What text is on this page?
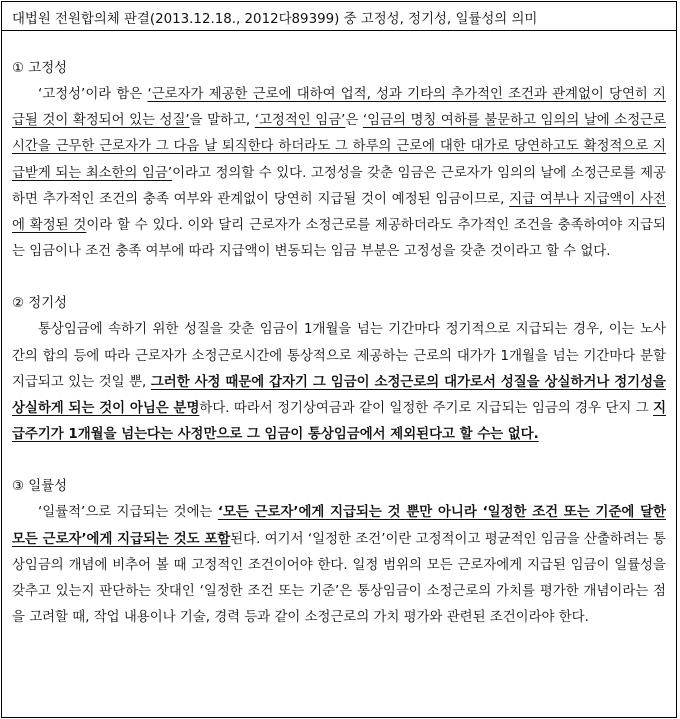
대법원 전원합의체 판결(2013.12.18., 2012다89399) 중 고정성, 정기성, 일률성의 의미
① 고정성
‘고정성’이라 함은 ‘근로자가 제공한 근로에 대하여 업적, 성과 기타의 추가적인 조건과 관계없이 당연히 지급될 것이 확정되어 있는 성질’을 말하고, ‘고정적인 임금’은 ‘임금의 명칭 여하를 불문하고 임의의 날에 소정근로시간을 근무한 근로자가 그 다음 날 퇴직한다 하더라도 그 하루의 근로에 대한 대가로 당연하고도 확정적으로 지급받게 되는 최소한의 임금’이라고 정의할 수 있다. 고정성을 갖춘 임금은 근로자가 임의의 날에 소정근로를 제공하면 추가적인 조건의 충족 여부와 관계없이 당연히 지급될 것이 예정된 임금이므로, 지급 여부나 지급액이 사전에 확정된 것이라 할 수 있다. 이와 달리 근로자가 소정근로를 제공하더라도 추가적인 조건을 충족하여야 지급되는 임금이나 조건 충족 여부에 따라 지급액이 변동되는 임금 부분은 고정성을 갖춘 것이라고 할 수 없다.
② 정기성
통상임금에 속하기 위한 성질을 갖춘 임금이 1개월을 넘는 기간마다 정기적으로 지급되는 경우, 이는 노사 간의 합의 등에 따라 근로자가 소정근로시간에 통상적으로 제공하는 근로의 대가가 1개월을 넘는 기간마다 분할지급되고 있는 것일 뿐, 그러한 사정 때문에 갑자기 그 임금이 소정근로의 대가로서 성질을 상실하거나 정기성을 상실하게 되는 것이 아님은 분명하다. 따라서 정기상여금과 같이 일정한 주기로 지급되는 임금의 경우 단지 그 지급주기가 1개월을 넘는다는 사정만으로 그 임금이 통상임금에서 제외된다고 할 수는 없다.
③ 일률성
‘일률적’으로 지급되는 것에는 ‘모든 근로자’에게 지급되는 것 뿐만 아니라 ‘일정한 조건 또는 기준에 달한 모든 근로자’에게 지급되는 것도 포함된다. 여기서 ‘일정한 조건’이란 고정적이고 평균적인 임금을 산출하려는 통상임금의 개념에 비추어 볼 때 고정적인 조건이어야 한다. 일정 범위의 모든 근로자에게 지급된 임금이 일률성을 갖추고 있는지 판단하는 잣대인 ‘일정한 조건 또는 기준’은 통상임금이 소정근로의 가치를 평가한 개념이라는 점을 고려할 때, 작업 내용이나 기술, 경력 등과 같이 소정근로의 가치 평가와 관련된 조건이라야 한다.
